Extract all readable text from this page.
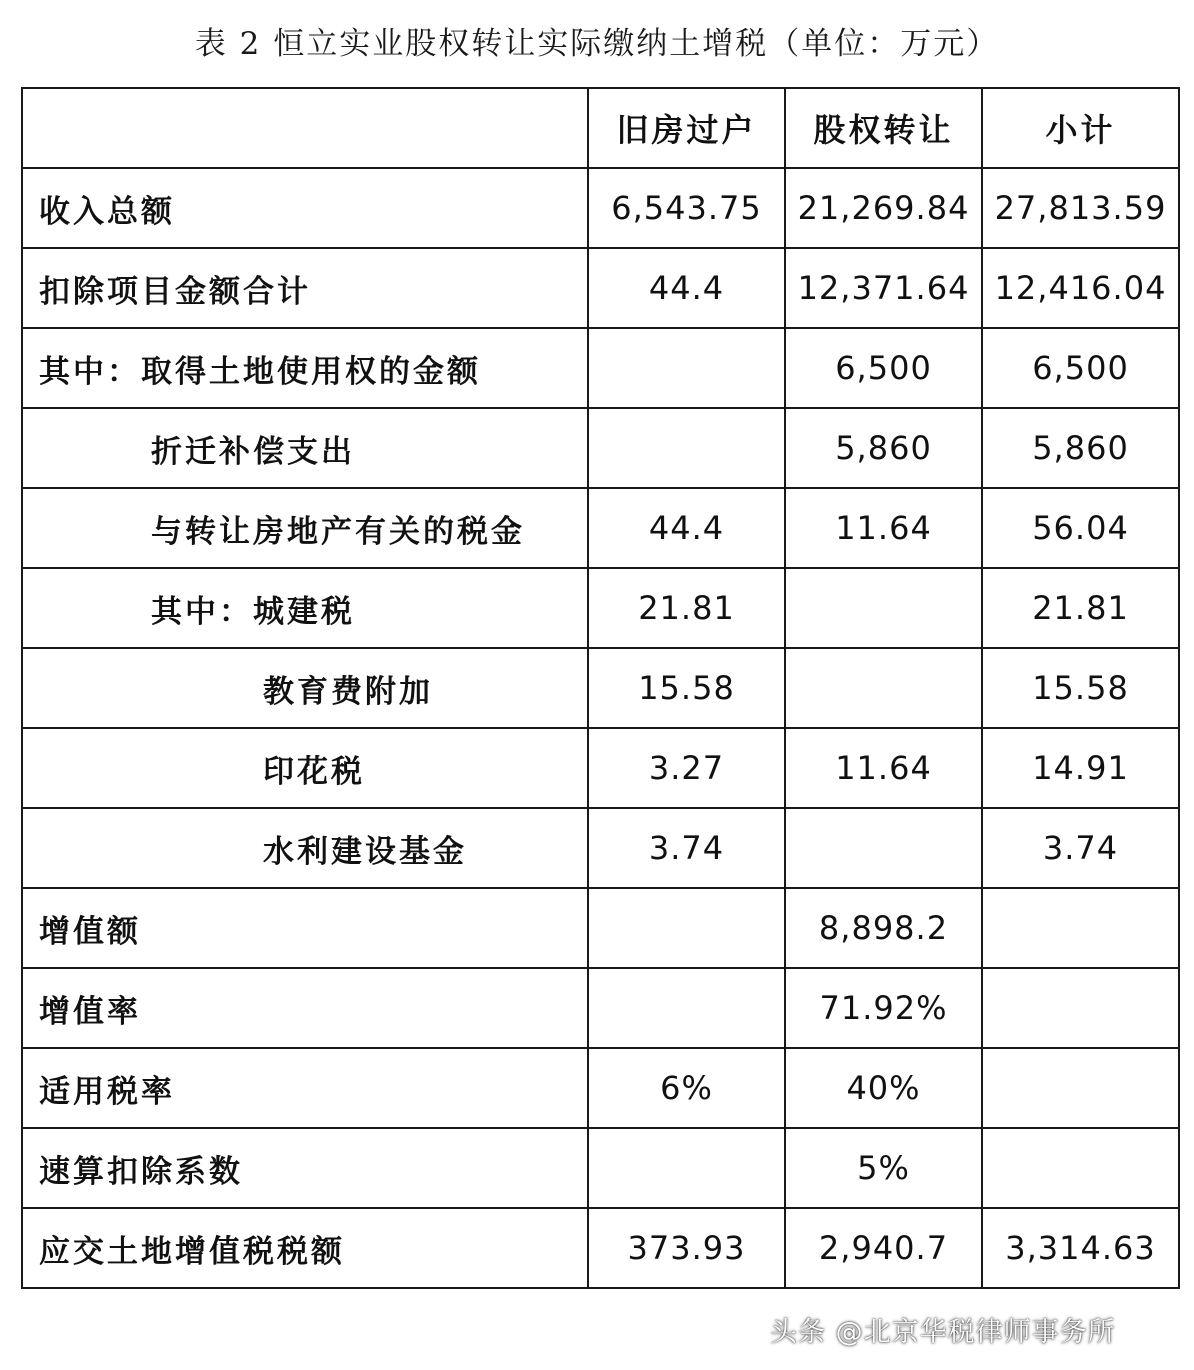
表 2 恒立实业股权转让实际缴纳土增税（单位：万元）
	旧房过户	股权转让	小计
收入总额	6,543.75	21,269.84	27,813.59
扣除项目金额合计	44.4	12,371.64	12,416.04
其中：取得土地使用权的金额		6,500	6,500
折迁补偿支出		5,860	5,860
与转让房地产有关的税金	44.4	11.64	56.04
其中：城建税	21.81		21.81
教育费附加	15.58		15.58
印花税	3.27	11.64	14.91
水利建设基金	3.74		3.74
增值额		8,898.2	
增值率		71.92%	
适用税率	6%	40%	
速算扣除系数		5%	
应交土地增值税税额	373.93	2,940.7	3,314.63
头条 @北京华税律师事务所
